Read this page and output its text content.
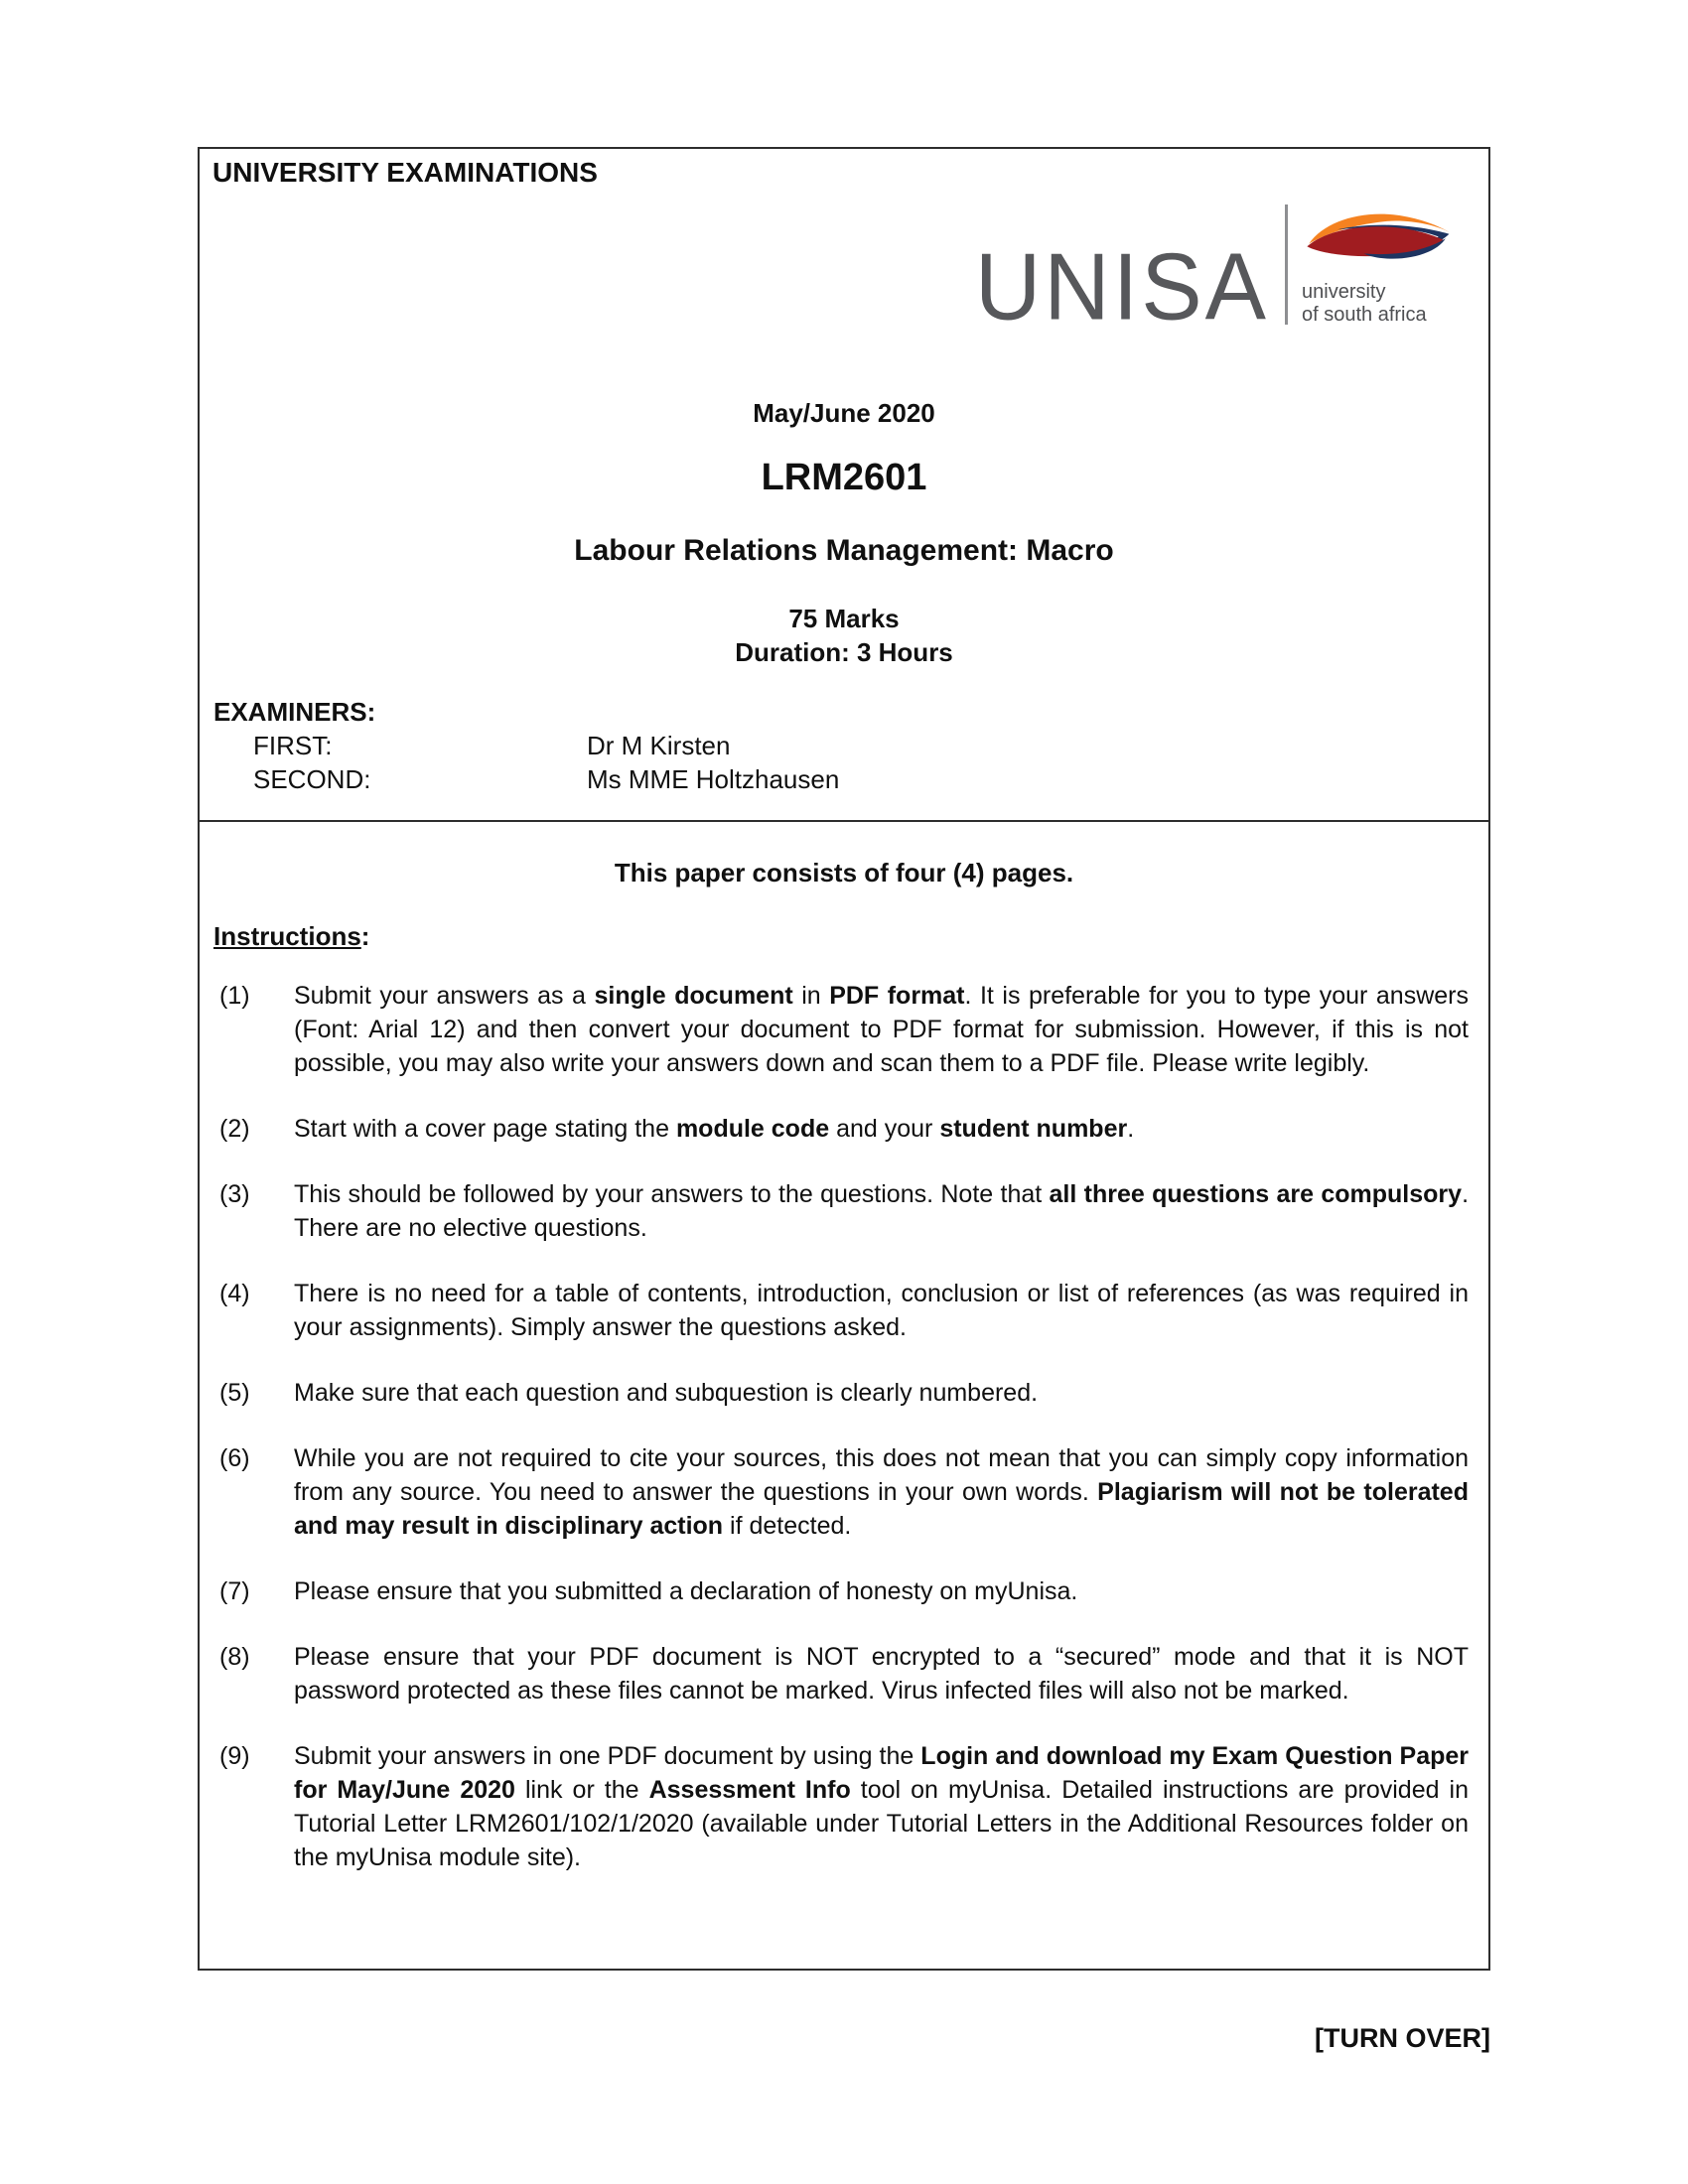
UNIVERSITY EXAMINATIONS
UNISA	university
of south africa
May/June 2020
LRM2601
Labour Relations Management: Macro
75 Marks
Duration: 3 Hours
EXAMINERS:
FIRST:	Dr M Kirsten
SECOND:	Ms MME Holtzhausen
This paper consists of four (4) pages.
Instructions:
(1)	Submit your answers as a single document in PDF format. It is preferable for you to type your answers (Font: Arial 12) and then convert your document to PDF format for submission. However, if this is not possible, you may also write your answers down and scan them to a PDF file. Please write legibly.

(2)	Start with a cover page stating the module code and your student number.

(3)	This should be followed by your answers to the questions. Note that all three questions are compulsory. There are no elective questions.

(4)	There is no need for a table of contents, introduction, conclusion or list of references (as was required in your assignments). Simply answer the questions asked.

(5)	Make sure that each question and subquestion is clearly numbered.

(6)	While you are not required to cite your sources, this does not mean that you can simply copy information from any source. You need to answer the questions in your own words. Plagiarism will not be tolerated and may result in disciplinary action if detected.

(7)	Please ensure that you submitted a declaration of honesty on myUnisa.

(8)	Please ensure that your PDF document is NOT encrypted to a “secured” mode and that it is NOT password protected as these files cannot be marked. Virus infected files will also not be marked.

(9)	Submit your answers in one PDF document by using the Login and download my Exam Question Paper for May/June 2020 link or the Assessment Info tool on myUnisa. Detailed instructions are provided in Tutorial Letter LRM2601/102/1/2020 (available under Tutorial Letters in the Additional Resources folder on the myUnisa module site).

[TURN OVER]
